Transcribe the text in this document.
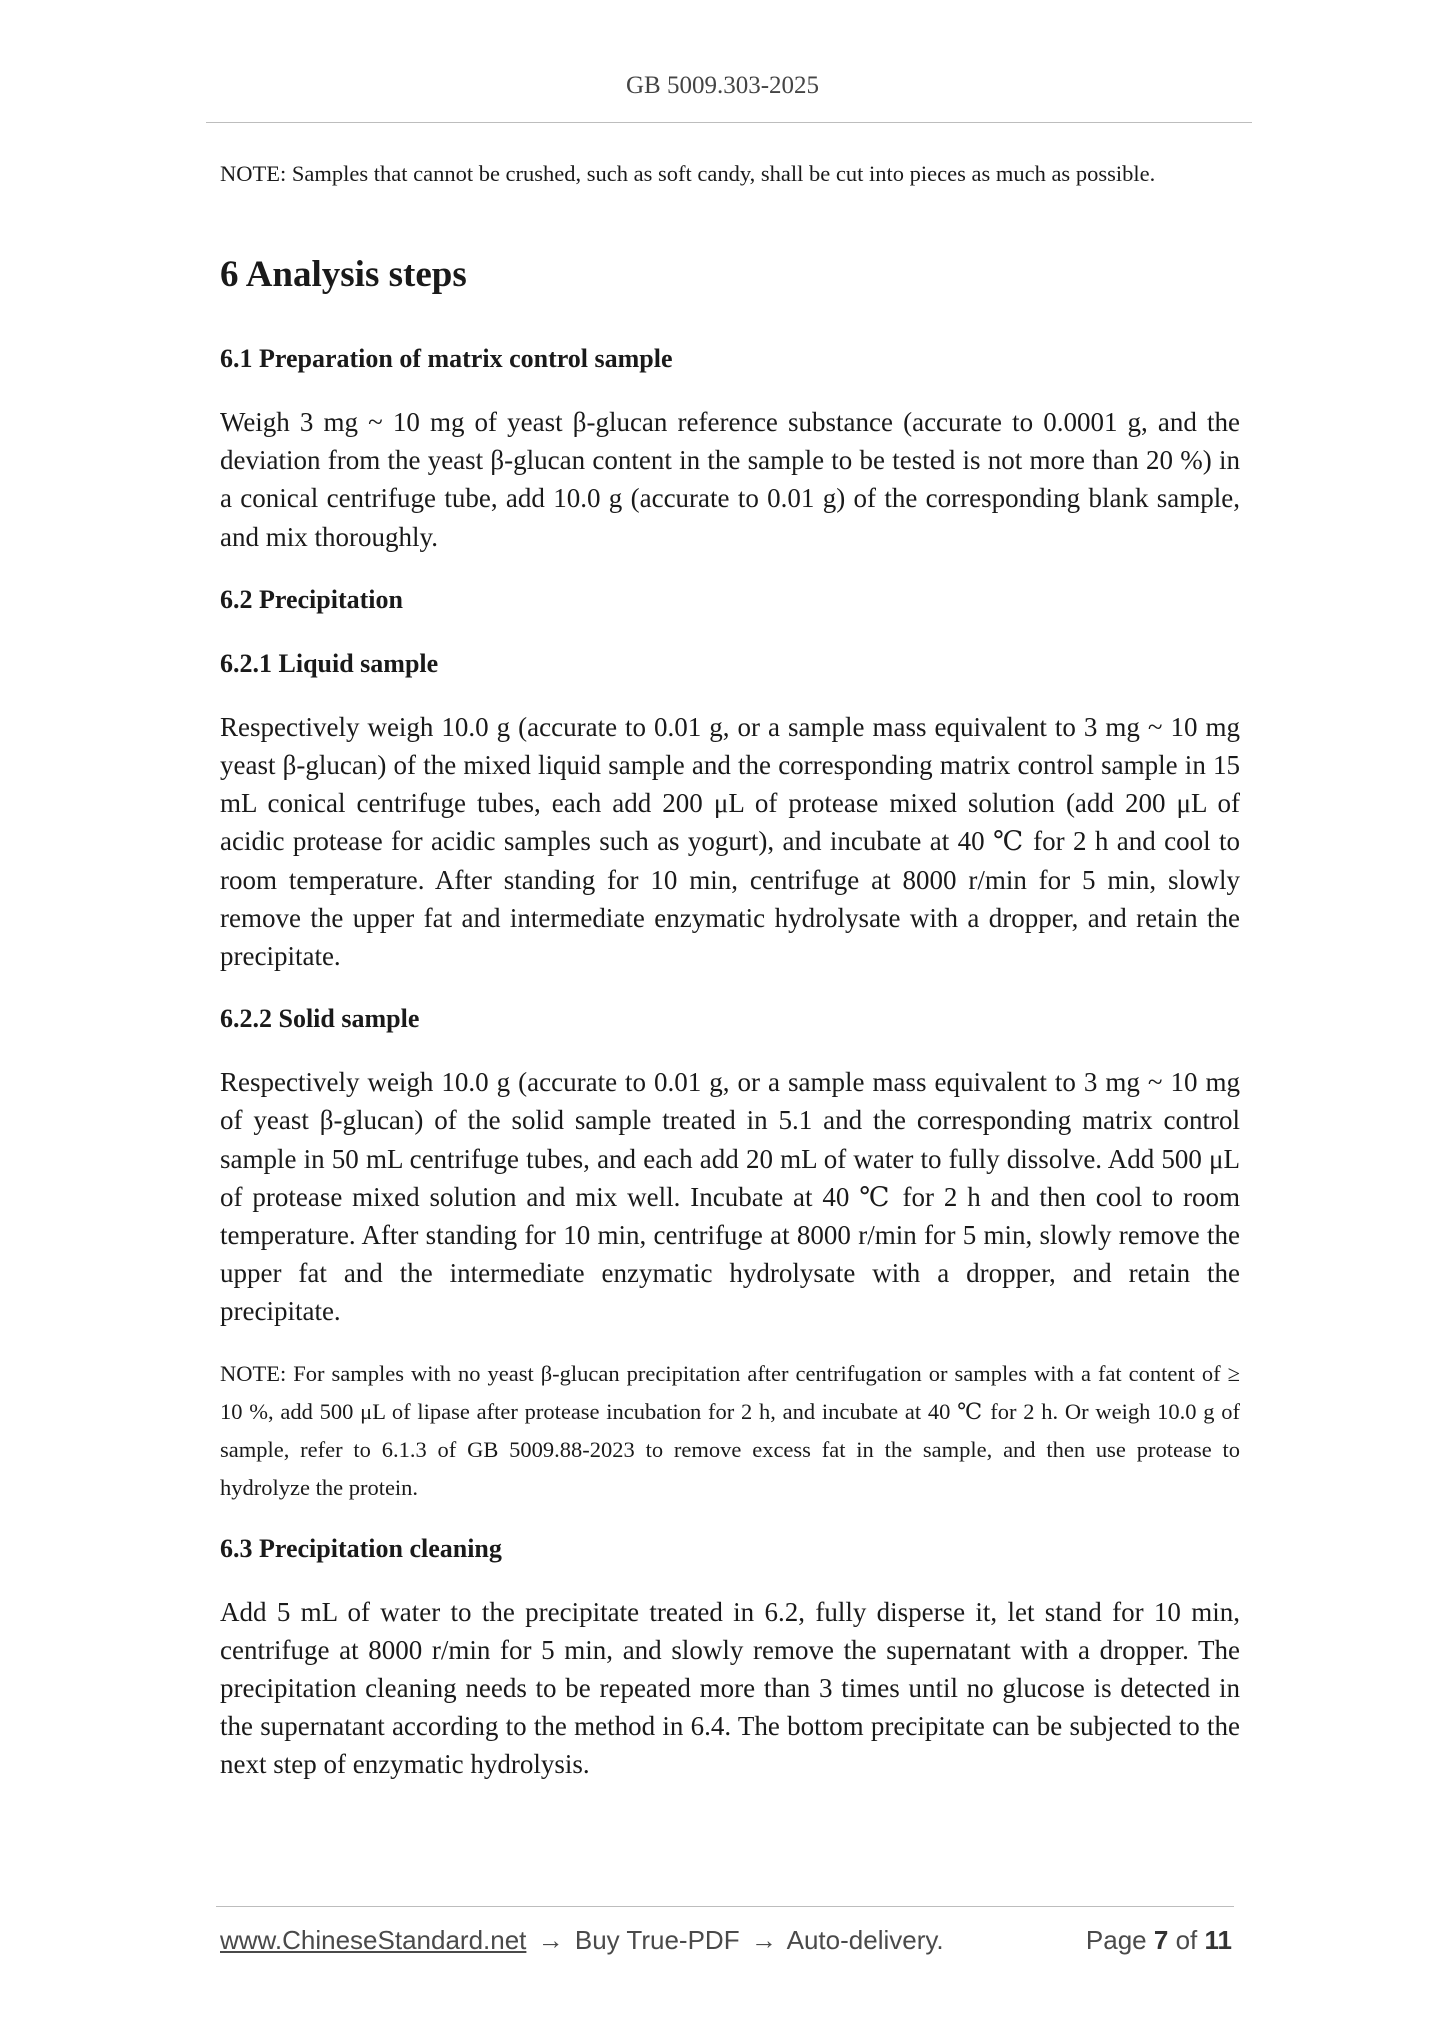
GB 5009.303-2025

NOTE: Samples that cannot be crushed, such as soft candy, shall be cut into pieces as much as possible.

6 Analysis steps
6.1 Preparation of matrix control sample

Weigh 3 mg ~ 10 mg of yeast β-glucan reference substance (accurate to 0.0001 g, and the deviation from the yeast β-glucan content in the sample to be tested is not more than 20 %) in a conical centrifuge tube, add 10.0 g (accurate to 0.01 g) of the corresponding blank sample, and mix thoroughly.

6.2 Precipitation
6.2.1 Liquid sample

Respectively weigh 10.0 g (accurate to 0.01 g, or a sample mass equivalent to 3 mg ~ 10 mg yeast β-glucan) of the mixed liquid sample and the corresponding matrix control sample in 15 mL conical centrifuge tubes, each add 200 μL of protease mixed solution (add 200 μL of acidic protease for acidic samples such as yogurt), and incubate at 40 ℃ for 2 h and cool to room temperature. After standing for 10 min, centrifuge at 8000 r/min for 5 min, slowly remove the upper fat and intermediate enzymatic hydrolysate with a dropper, and retain the precipitate.

6.2.2 Solid sample

Respectively weigh 10.0 g (accurate to 0.01 g, or a sample mass equivalent to 3 mg ~ 10 mg of yeast β-glucan) of the solid sample treated in 5.1 and the corresponding matrix control sample in 50 mL centrifuge tubes, and each add 20 mL of water to fully dissolve. Add 500 μL of protease mixed solution and mix well. Incubate at 40 ℃ for 2 h and then cool to room temperature. After standing for 10 min, centrifuge at 8000 r/min for 5 min, slowly remove the upper fat and the intermediate enzymatic hydrolysate with a dropper, and retain the precipitate.

NOTE: For samples with no yeast β-glucan precipitation after centrifugation or samples with a fat content of ≥ 10 %, add 500 μL of lipase after protease incubation for 2 h, and incubate at 40 ℃ for 2 h. Or weigh 10.0 g of sample, refer to 6.1.3 of GB 5009.88-2023 to remove excess fat in the sample, and then use protease to hydrolyze the protein.

6.3 Precipitation cleaning

Add 5 mL of water to the precipitate treated in 6.2, fully disperse it, let stand for 10 min, centrifuge at 8000 r/min for 5 min, and slowly remove the supernatant with a dropper. The precipitation cleaning needs to be repeated more than 3 times until no glucose is detected in the supernatant according to the method in 6.4. The bottom precipitate can be subjected to the next step of enzymatic hydrolysis.

www.ChineseStandard.net → Buy True-PDF → Auto-delivery.	Page 7 of 11
